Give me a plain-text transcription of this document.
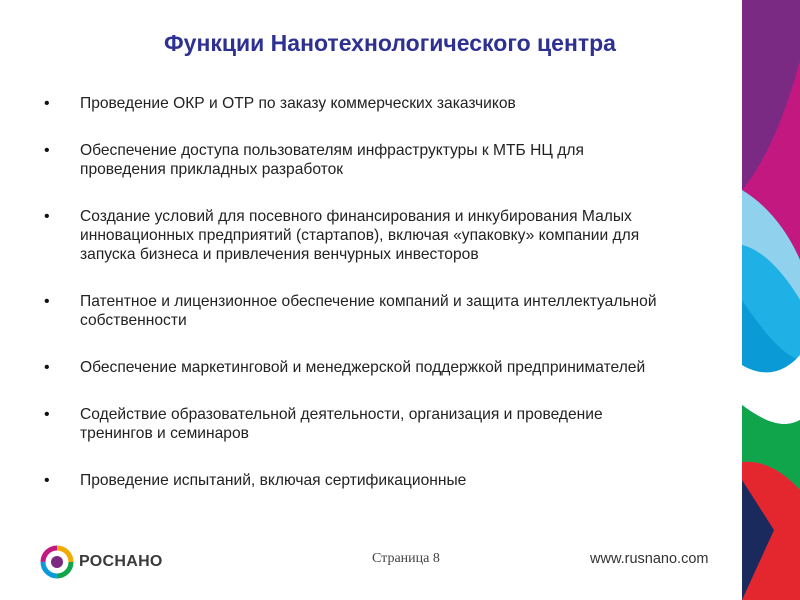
Функции Нанотехнологического центра
• Проведение ОКР и ОТР по заказу коммерческих заказчиков
• Обеспечение доступа пользователям инфраструктуры к МТБ НЦ для
проведения прикладных разработок
• Создание условий для посевного финансирования и инкубирования Малых
инновационных предприятий (стартапов), включая «упаковку» компании для
запуска бизнеса и привлечения венчурных инвесторов
• Патентное и лицензионное обеспечение компаний и защита интеллектуальной
собственности
• Обеспечение маркетинговой и менеджерской поддержкой предпринимателей
• Содействие образовательной деятельности, организация и проведение
тренингов и семинаров
• Проведение испытаний, включая сертификационные
РОСНАНО	Страница 8	www.rusnano.com
